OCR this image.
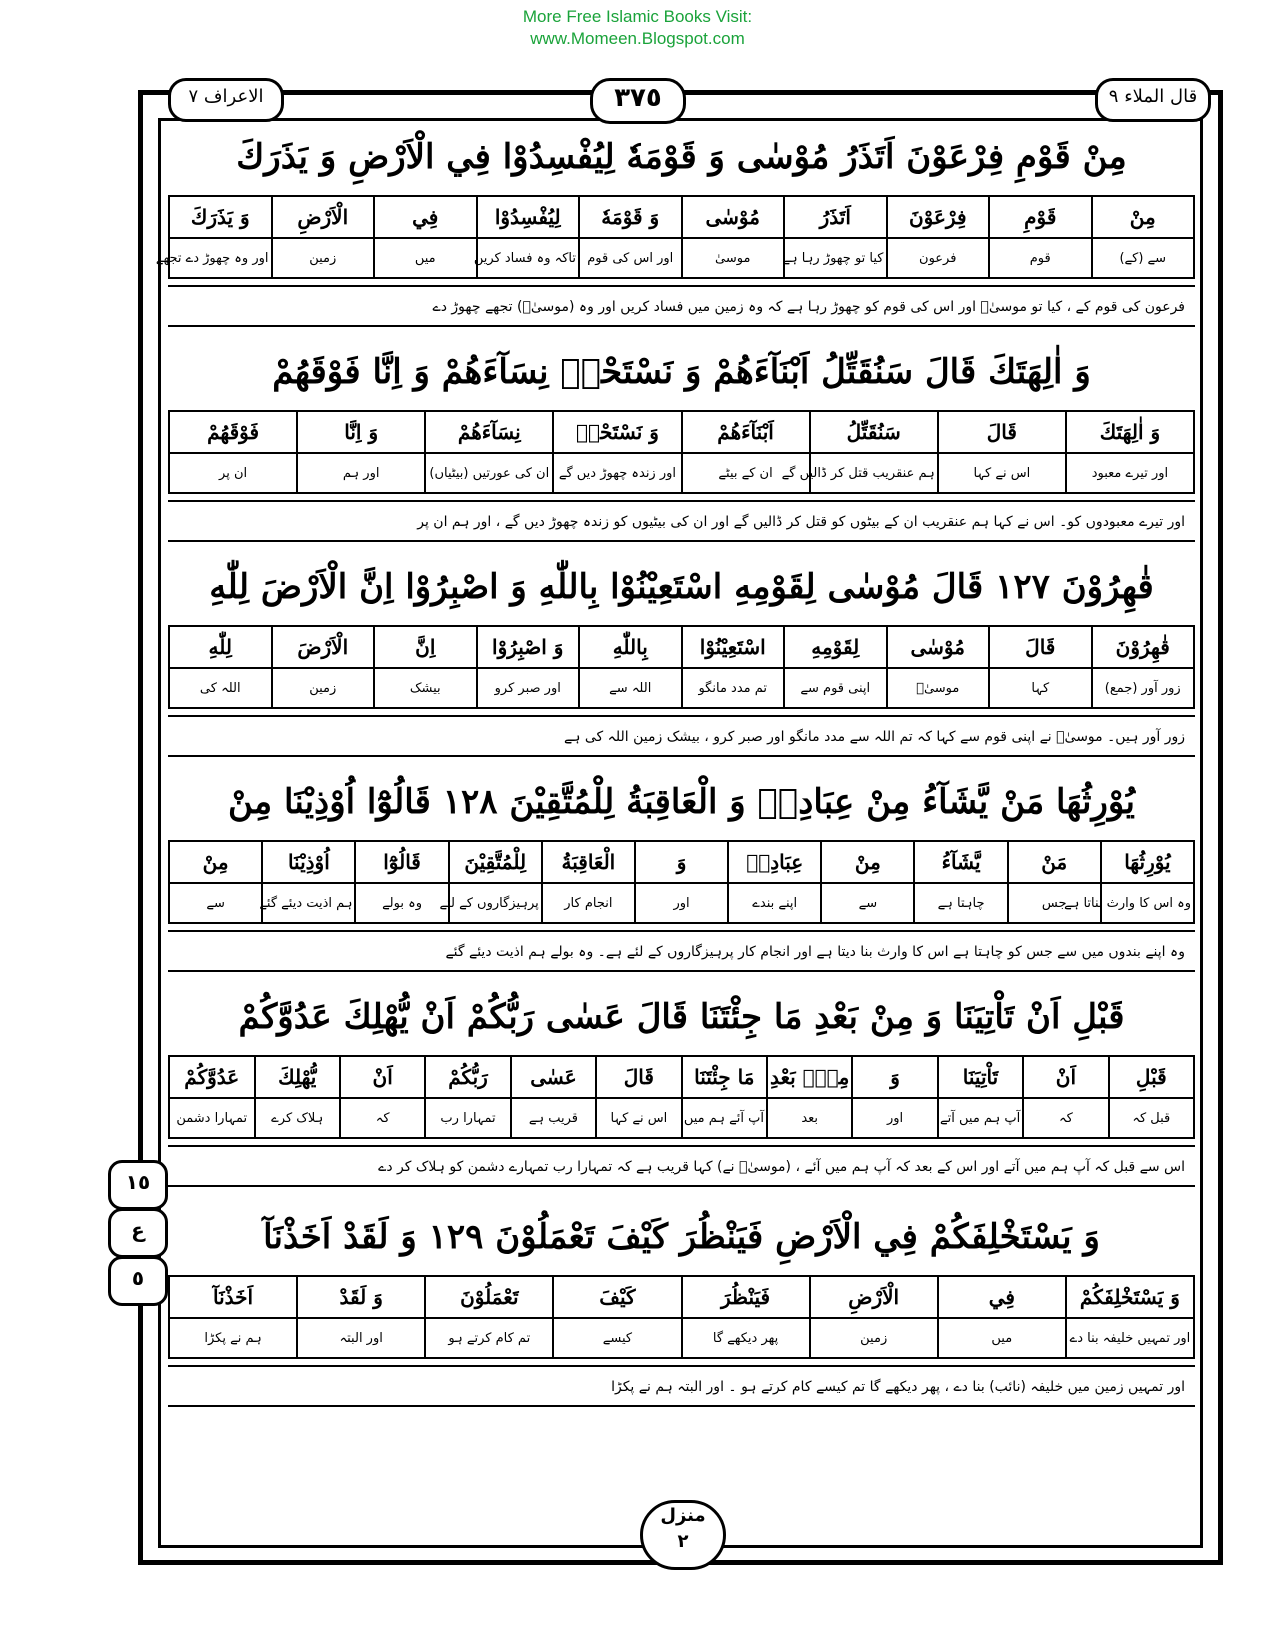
More Free Islamic Books Visit:
www.Momeen.Blogspot.com
الاعراف ٧	٣٧٥	قال الملاء ٩
مِنْ قَوْمِ فِرْعَوْنَ اَتَذَرُ مُوْسٰى وَ قَوْمَهٗ لِيُفْسِدُوْا فِي الْاَرْضِ وَ يَذَرَكَ
مِنْ	قَوْمِ	فِرْعَوْنَ	اَتَذَرُ	مُوْسٰى	وَ قَوْمَهٗ	لِيُفْسِدُوْا	فِي	الْاَرْضِ	وَ يَذَرَكَ
سے (کے)	قوم	فرعون	کیا تو چھوڑ رہا ہے	موسیٰ	اور اس کی قوم	تاکہ وہ فساد کریں	میں	زمین	اور وہ چھوڑ دے تجھے
فرعون کی قوم کے ، کیا تو موسیٰؑ اور اس کی قوم کو چھوڑ رہا ہے کہ وہ زمین میں فساد کریں اور وہ (موسیٰؑ) تجھے چھوڑ دے
وَ اٰلِهَتَكَ قَالَ سَنُقَتِّلُ اَبْنَآءَهُمْ وَ نَسْتَحْيٖ نِسَآءَهُمْ وَ اِنَّا فَوْقَهُمْ
وَ اٰلِهَتَكَ	قَالَ	سَنُقَتِّلُ	اَبْنَآءَهُمْ	وَ نَسْتَحْيٖ	نِسَآءَهُمْ	وَ اِنَّا	فَوْقَهُمْ
اور تیرے معبود	اس نے کہا	ہم عنقریب قتل کر ڈالیں گے	ان کے بیٹے	اور زندہ چھوڑ دیں گے	ان کی عورتیں (بیٹیاں)	اور ہم	ان پر
اور تیرے معبودوں کو۔ اس نے کہا ہم عنقریب ان کے بیٹوں کو قتل کر ڈالیں گے اور ان کی بیٹیوں کو زندہ چھوڑ دیں گے ، اور ہم ان پر
قٰهِرُوْنَ ١٢٧ قَالَ مُوْسٰى لِقَوْمِهِ اسْتَعِيْنُوْا بِاللّٰهِ وَ اصْبِرُوْا اِنَّ الْاَرْضَ لِلّٰهِ
قٰهِرُوْنَ	قَالَ	مُوْسٰى	لِقَوْمِهِ	اسْتَعِيْنُوْا	بِاللّٰهِ	وَ اصْبِرُوْا	اِنَّ	الْاَرْضَ	لِلّٰهِ
زور آور (جمع)	کہا	موسیٰؑ	اپنی قوم سے	تم مدد مانگو	اللہ سے	اور صبر کرو	بیشک	زمین	اللہ کی
زور آور ہیں۔ موسیٰؑ نے اپنی قوم سے کہا کہ تم اللہ سے مدد مانگو اور صبر کرو ، بیشک زمین اللہ کی ہے
يُوْرِثُهَا مَنْ يَّشَآءُ مِنْ عِبَادِهٖ وَ الْعَاقِبَةُ لِلْمُتَّقِيْنَ ١٢٨ قَالُوْٓا اُوْذِيْنَا مِنْ
يُوْرِثُهَا	مَنْ	يَّشَآءُ	مِنْ	عِبَادِهٖ	وَ	الْعَاقِبَةُ	لِلْمُتَّقِيْنَ	قَالُوْٓا	اُوْذِيْنَا	مِنْ
وہ اس کا وارث بناتا ہے	جس	چاہتا ہے	سے	اپنے بندے	اور	انجام کار	پرہیزگاروں کے لئے	وہ بولے	ہم اذیت دیئے گئے	سے
وہ اپنے بندوں میں سے جس کو چاہتا ہے اس کا وارث بنا دیتا ہے اور انجام کار پرہیزگاروں کے لئے ہے۔ وہ بولے ہم اذیت دیئے گئے
قَبْلِ اَنْ تَاْتِيَنَا وَ مِنْ بَعْدِ مَا جِئْتَنَا قَالَ عَسٰى رَبُّكُمْ اَنْ يُّهْلِكَ عَدُوَّكُمْ
قَبْلِ	اَنْ	تَاْتِيَنَا	وَ	مِنْۢ بَعْدِ	مَا جِئْتَنَا	قَالَ	عَسٰى	رَبُّكُمْ	اَنْ	يُّهْلِكَ	عَدُوَّكُمْ
قبل کہ	کہ	آپ ہم میں آتے	اور	بعد	آپ آئے ہم میں	اس نے کہا	قریب ہے	تمہارا رب	کہ	ہلاک کرے	تمہارا دشمن
اس سے قبل کہ آپ ہم میں آتے اور اس کے بعد کہ آپ ہم میں آئے ، (موسیٰؑ نے) کہا قریب ہے کہ تمہارا رب تمہارے دشمن کو ہلاک کر دے
وَ يَسْتَخْلِفَكُمْ فِي الْاَرْضِ فَيَنْظُرَ كَيْفَ تَعْمَلُوْنَ ١٢٩ وَ لَقَدْ اَخَذْنَآ
وَ يَسْتَخْلِفَكُمْ	فِي	الْاَرْضِ	فَيَنْظُرَ	كَيْفَ	تَعْمَلُوْنَ	وَ لَقَدْ	اَخَذْنَآ
اور تمہیں خلیفہ بنا دے	میں	زمین	پھر دیکھے گا	کیسے	تم کام کرتے ہو	اور البتہ	ہم نے پکڑا
اور تمہیں زمین میں خلیفہ (نائب) بنا دے ، پھر دیکھے گا تم کیسے کام کرتے ہو ۔ اور البتہ ہم نے پکڑا
١٥
ع
٥
منزل
٢
